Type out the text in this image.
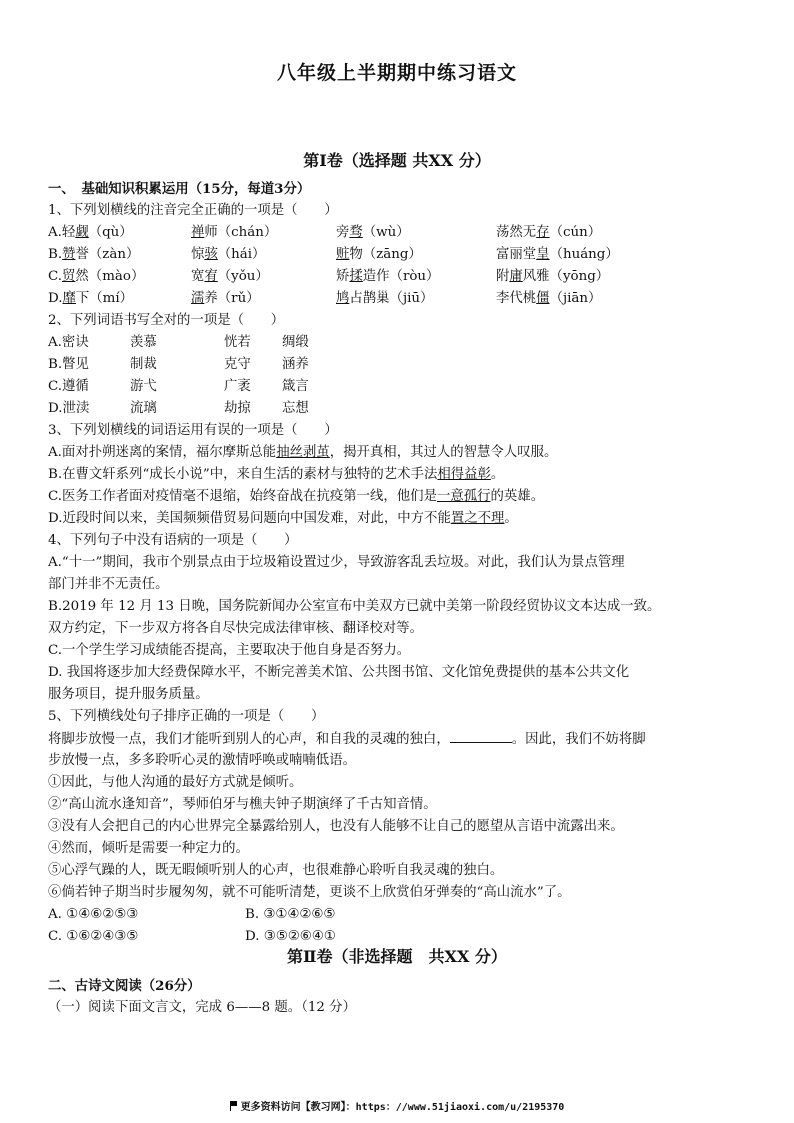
八年级上半期期中练习语文
第Ⅰ卷（选择题 共XX 分）
一、　基础知识积累运用（15分，每道3分）
1、下列划横线的注音完全正确的一项是（　　）
A.轻觑（qù）	禅师（chán）	旁骛（wù）	荡然无存（cún）
B.赞誉（zàn）	惊骇（hái）	赃物（zāng）	富丽堂皇（huáng）
C.贸然（mào）	宽宥（yǒu）	矫揉造作（ròu）	附庸风雅（yōng）
D.靡下（mí）	濡养（rǔ）	鸠占鹊巢（jiū）	李代桃僵（jiān）
2、下列词语书写全对的一项是（　　）
A.密诀	羡慕	恍若	绸缎
B.瞥见	制裁	克守	涵养
C.遵循	游弋	广袤	箴言
D.泄渎	流璃	劫掠	忘想
3、下列划横线的词语运用有误的一项是（　　）
A.面对扑朔迷离的案情，福尔摩斯总能抽丝剥茧，揭开真相，其过人的智慧令人叹服。
B.在曹文轩系列“成长小说”中，来自生活的素材与独特的艺术手法相得益彰。
C.医务工作者面对疫情毫不退缩，始终奋战在抗疫第一线，他们是一意孤行的英雄。
D.近段时间以来，美国频频借贸易问题向中国发难，对此，中方不能置之不理。
4、下列句子中没有语病的一项是（　　）
A.“十一”期间，我市个别景点由于垃圾箱设置过少，导致游客乱丢垃圾。对此，我们认为景点管理
部门并非不无责任。
B.2019 年 12 月 13 日晚，国务院新闻办公室宣布中美双方已就中美第一阶段经贸协议文本达成一致。
双方约定，下一步双方将各自尽快完成法律审核、翻译校对等。
C.一个学生学习成绩能否提高，主要取决于他自身是否努力。
D. 我国将逐步加大经费保障水平，不断完善美术馆、公共图书馆、文化馆免费提供的基本公共文化
服务项目，提升服务质量。
5、下列横线处句子排序正确的一项是（　　）
将脚步放慢一点，我们才能听到别人的心声，和自我的灵魂的独白，	。因此，我们不妨将脚
步放慢一点，多多聆听心灵的激情呼唤或喃喃低语。
①因此，与他人沟通的最好方式就是倾听。
②“高山流水逢知音”，琴师伯牙与樵夫钟子期演绎了千古知音情。
③没有人会把自己的内心世界完全暴露给别人，也没有人能够不让自己的愿望从言语中流露出来。
④然而，倾听是需要一种定力的。
⑤心浮气躁的人，既无暇倾听别人的心声，也很难静心聆听自我灵魂的独白。
⑥倘若钟子期当时步履匆匆，就不可能听清楚，更谈不上欣赏伯牙弹奏的“高山流水”了。
A. ①④⑥②⑤③	B. ③①④②⑥⑤
C. ①⑥②④③⑤	D. ③⑤②⑥④①
第Ⅱ卷（非选择题　共XX 分）
二、古诗文阅读（26分）
（一）阅读下面文言文，完成 6——8 题。（12 分）
更多资料访问【教习网】：https：//www.51jiaoxi.com/u/2195370
